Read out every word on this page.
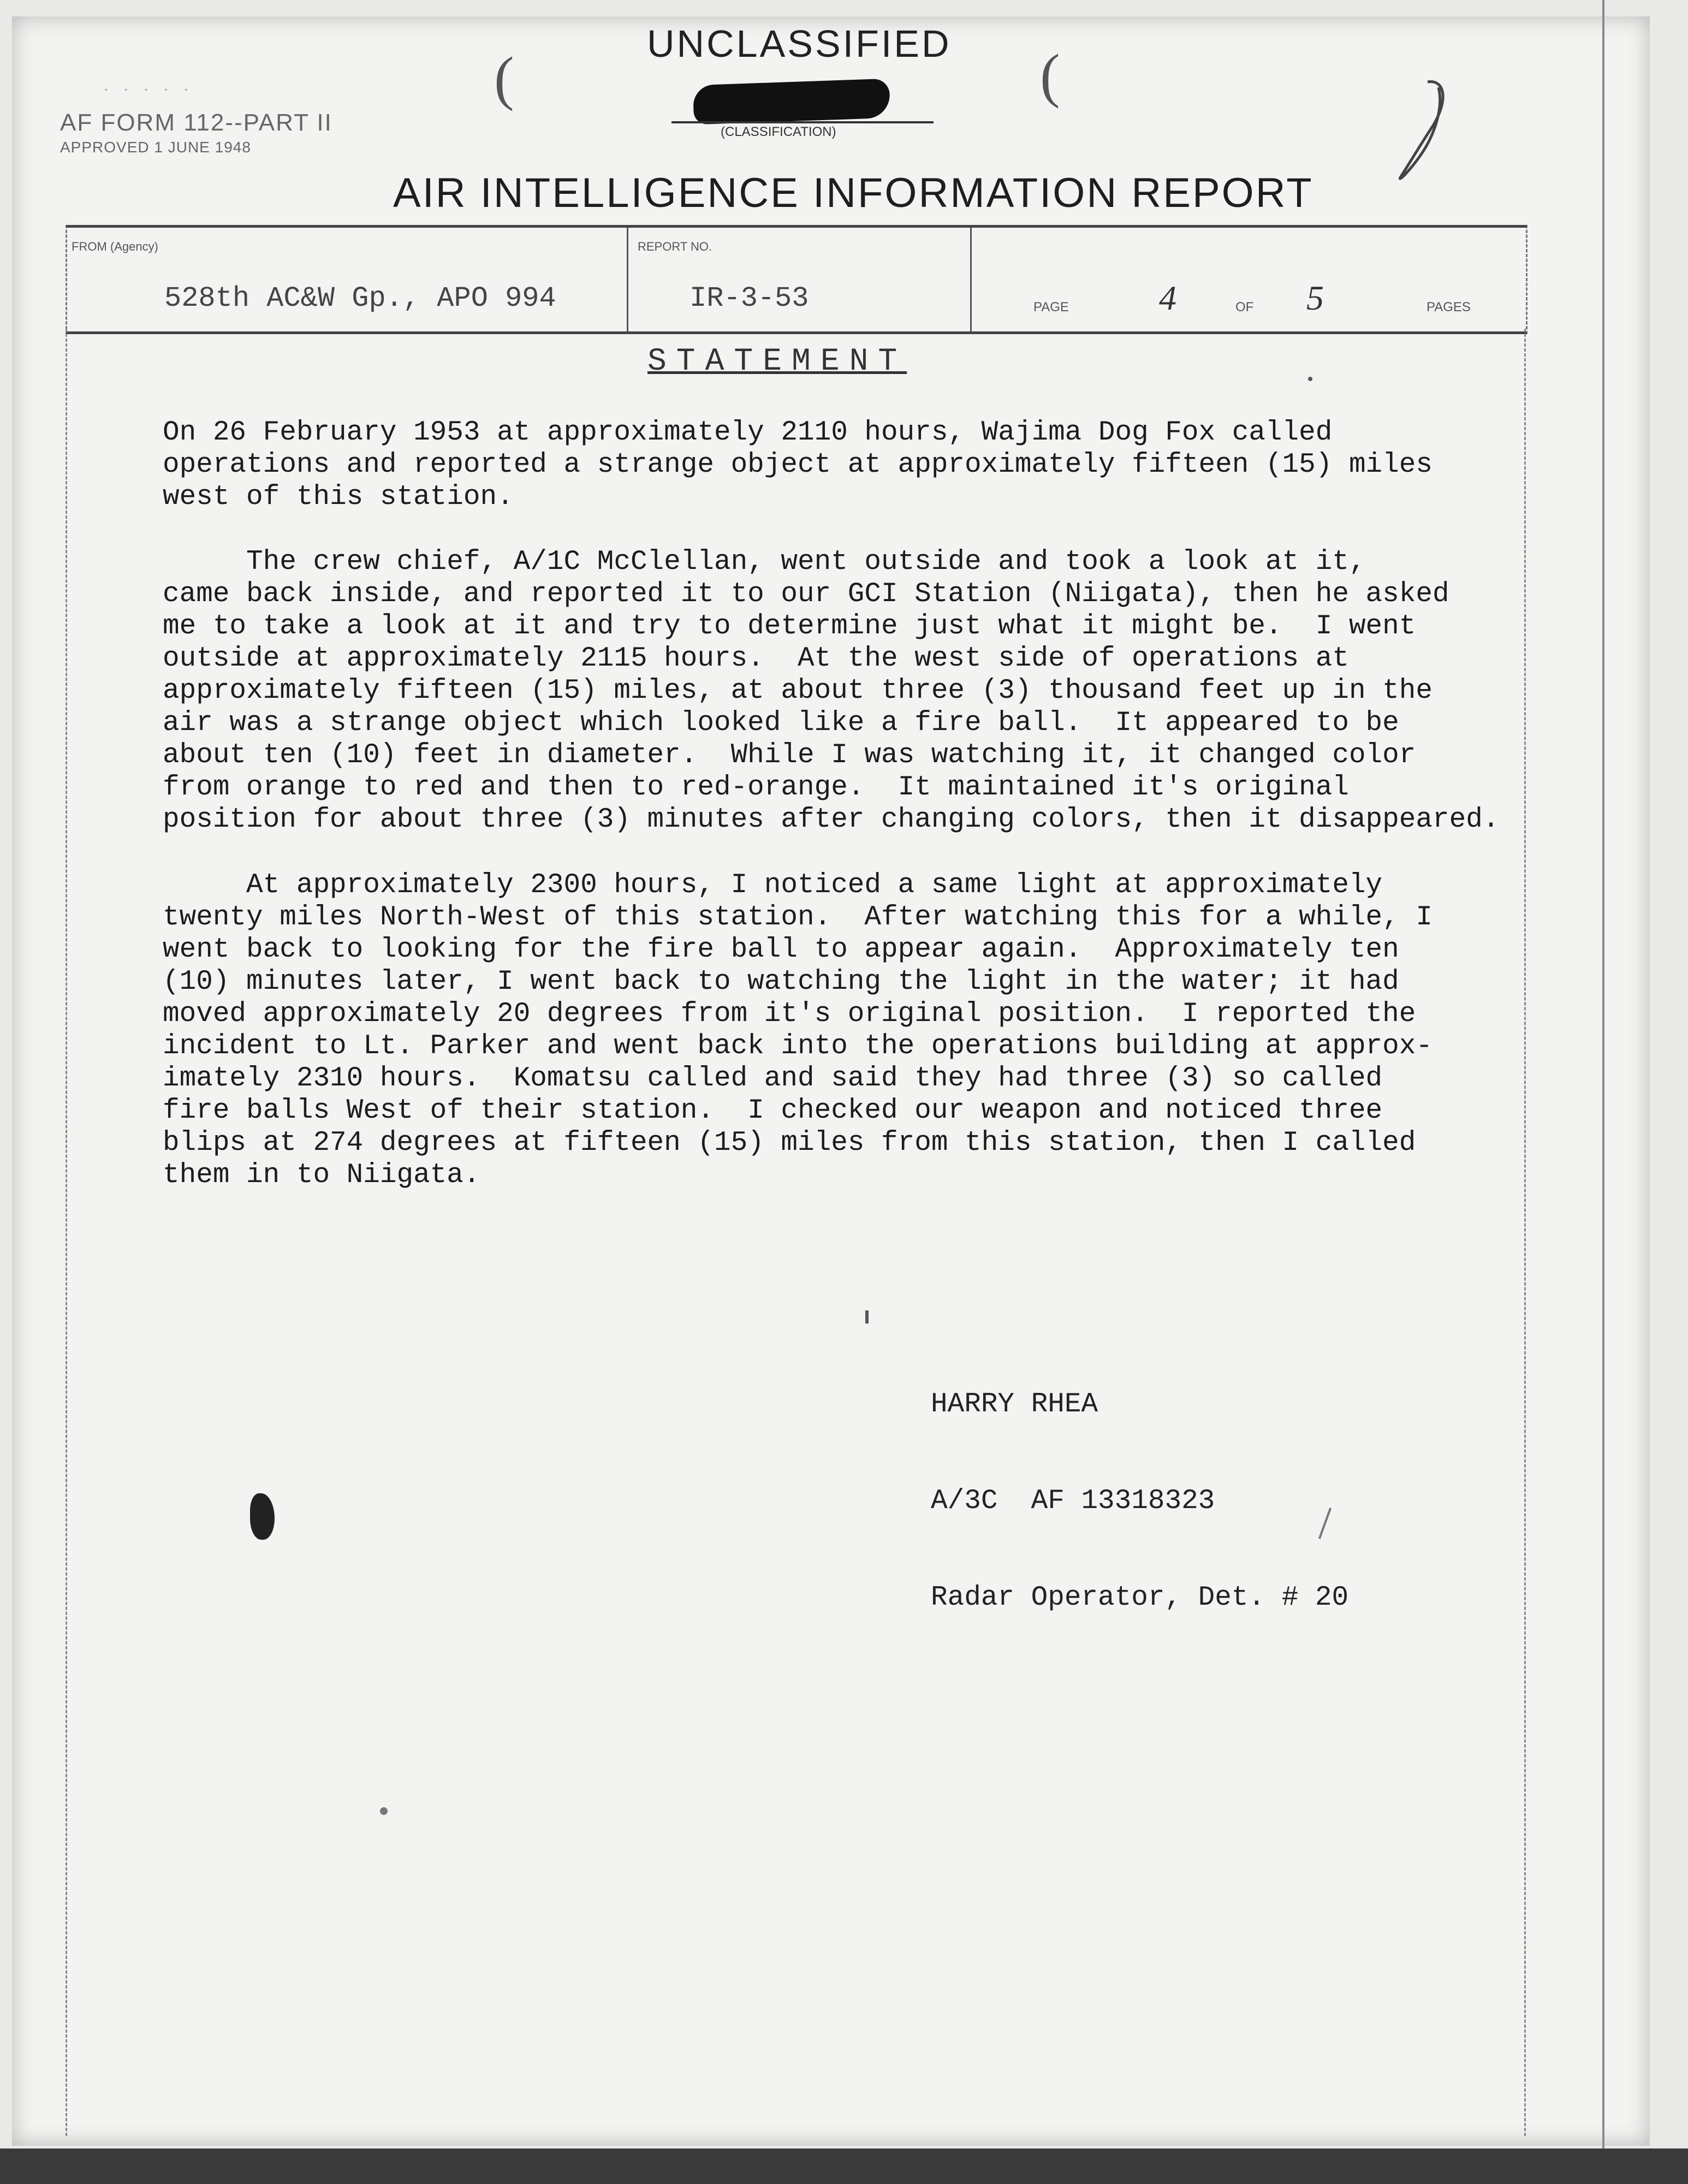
(
UNCLASSIFIED
(CLASSIFICATION)
(
. . . . .
AF FORM 112--PART II
APPROVED 1 JUNE 1948
AIR INTELLIGENCE INFORMATION REPORT
FROM (Agency)
528th AC&W Gp., APO 994
REPORT NO.
IR-3-53	PAGE	4	OF 5	PAGES
STATEMENT
On 26 February 1953 at approximately 2110 hours, Wajima Dog Fox called
operations and reported a strange object at approximately fifteen (15) miles
west of this station.
The crew chief, A/1C McClellan, went outside and took a look at it,
came back inside, and reported it to our GCI Station (Niigata), then he asked
me to take a look at it and try to determine just what it might be.  I went
outside at approximately 2115 hours.  At the west side of operations at
approximately fifteen (15) miles, at about three (3) thousand feet up in the
air was a strange object which looked like a fire ball.  It appeared to be
about ten (10) feet in diameter.  While I was watching it, it changed color
from orange to red and then to red-orange.  It maintained it's original
position for about three (3) minutes after changing colors, then it disappeared.
At approximately 2300 hours, I noticed a same light at approximately
twenty miles North-West of this station.  After watching this for a while, I
went back to looking for the fire ball to appear again.  Approximately ten
(10) minutes later, I went back to watching the light in the water; it had
moved approximately 20 degrees from it's original position.  I reported the
incident to Lt. Parker and went back into the operations building at approx-
imately 2310 hours.  Komatsu called and said they had three (3) so called
fire balls West of their station.  I checked our weapon and noticed three
blips at 274 degrees at fifteen (15) miles from this station, then I called
them in to Niigata.

HARRY RHEA

A/3C  AF 13318323

Radar Operator, Det. # 20
